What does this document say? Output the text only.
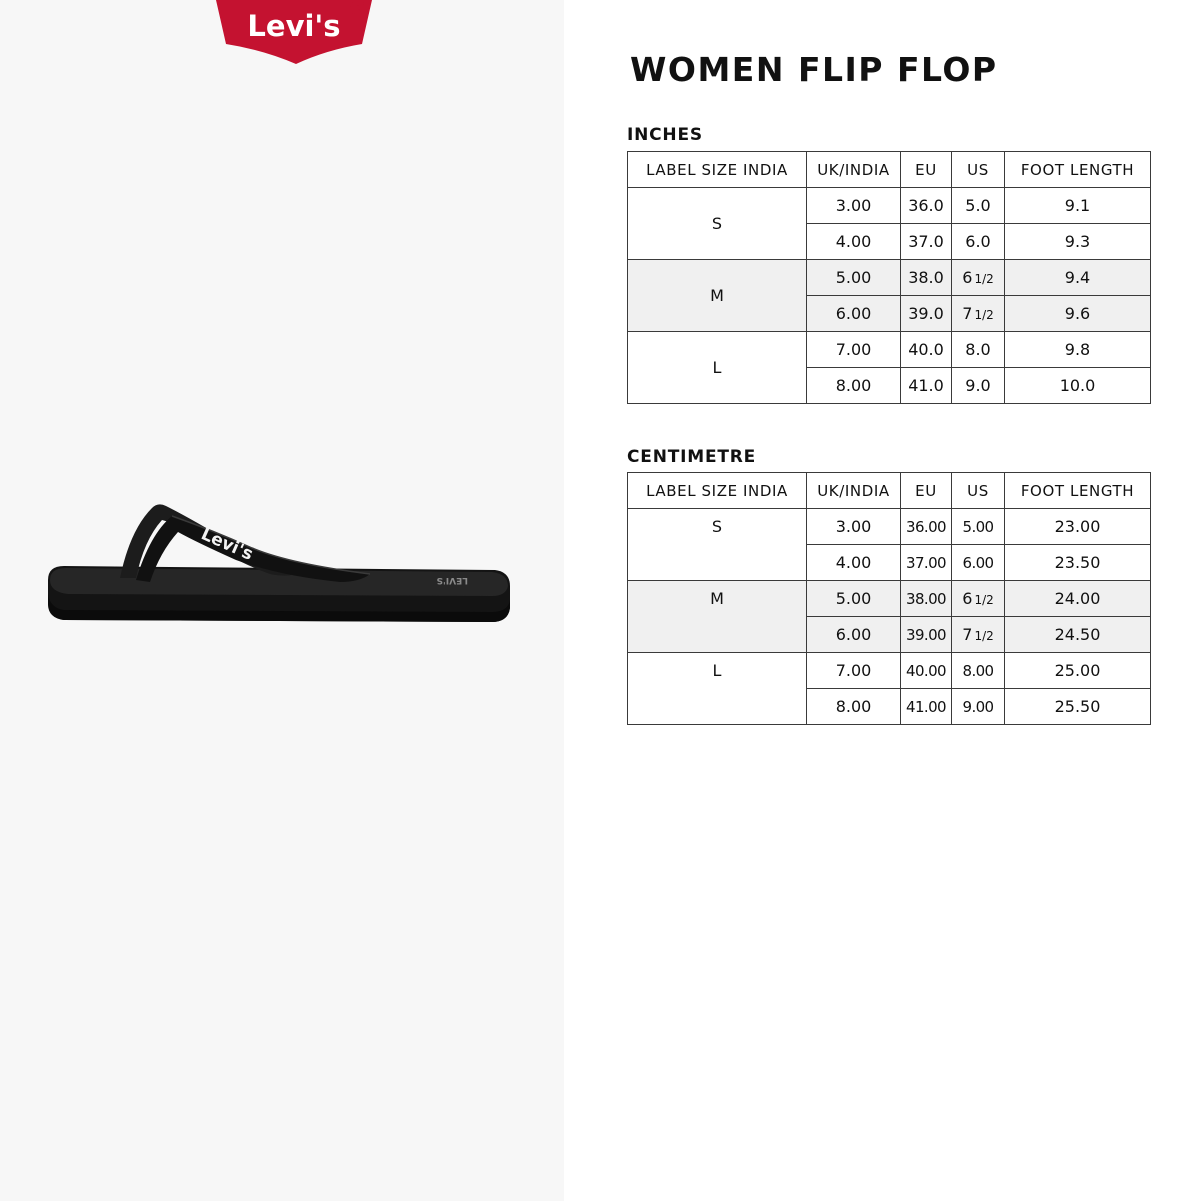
Levi's R
Levi's
LEVI'S
WOMEN FLIP FLOP
INCHES
LABEL SIZE INDIA	UK/INDIA	EU	US	FOOT LENGTH
S	3.00	36.0	5.0	9.1
	4.00	37.0	6.0	9.3
M	5.00	38.0	6 1/2	9.4
	6.00	39.0	7 1/2	9.6
L	7.00	40.0	8.0	9.8
	8.00	41.0	9.0	10.0
CENTIMETRE
LABEL SIZE INDIA	UK/INDIA	EU	US	FOOT LENGTH
S	3.00	36.00	5.00	23.00
	4.00	37.00	6.00	23.50
M	5.00	38.00	6 1/2	24.00
	6.00	39.00	7 1/2	24.50
L	7.00	40.00	8.00	25.00
	8.00	41.00	9.00	25.50
